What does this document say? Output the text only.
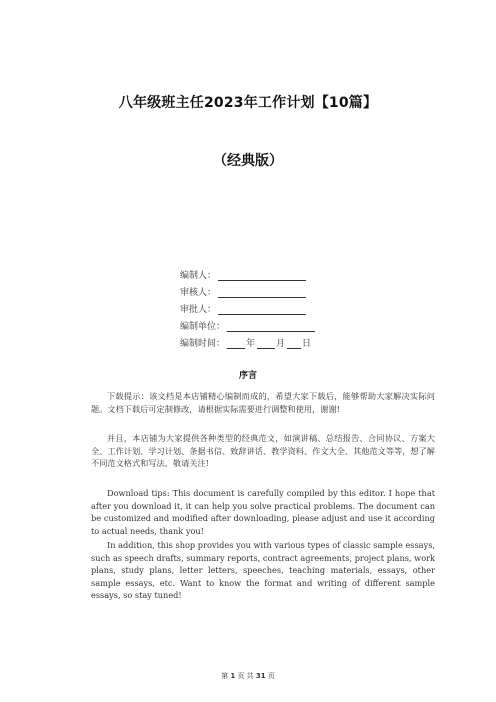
八年级班主任2023年工作计划【10篇】
（经典版）
编制人：
审核人：
审批人：
编制单位：
编制时间： 年 月 日
序言

下载提示：该文档是本店铺精心编制而成的，希望大家下载后，能够帮助大家解决实际问题。文档下载后可定制修改，请根据实际需要进行调整和使用，谢谢!

并且，本店铺为大家提供各种类型的经典范文，如演讲稿、总结报告、合同协议、方案大全、工作计划、学习计划、条据书信、致辞讲话、教学资料、作文大全、其他范文等等，想了解不同范文格式和写法，敬请关注!

Download tips: This document is carefully compiled by this editor. I hope that after you download it, it can help you solve practical problems. The document can be customized and modified after downloading, please adjust and use it according to actual needs, thank you!

In addition, this shop provides you with various types of classic sample essays, such as speech drafts, summary reports, contract agreements, project plans, work plans, study plans, letter letters, speeches, teaching materials, essays, other sample essays, etc. Want to know the format and writing of different sample essays, so stay tuned!

第 1 页 共 31 页
